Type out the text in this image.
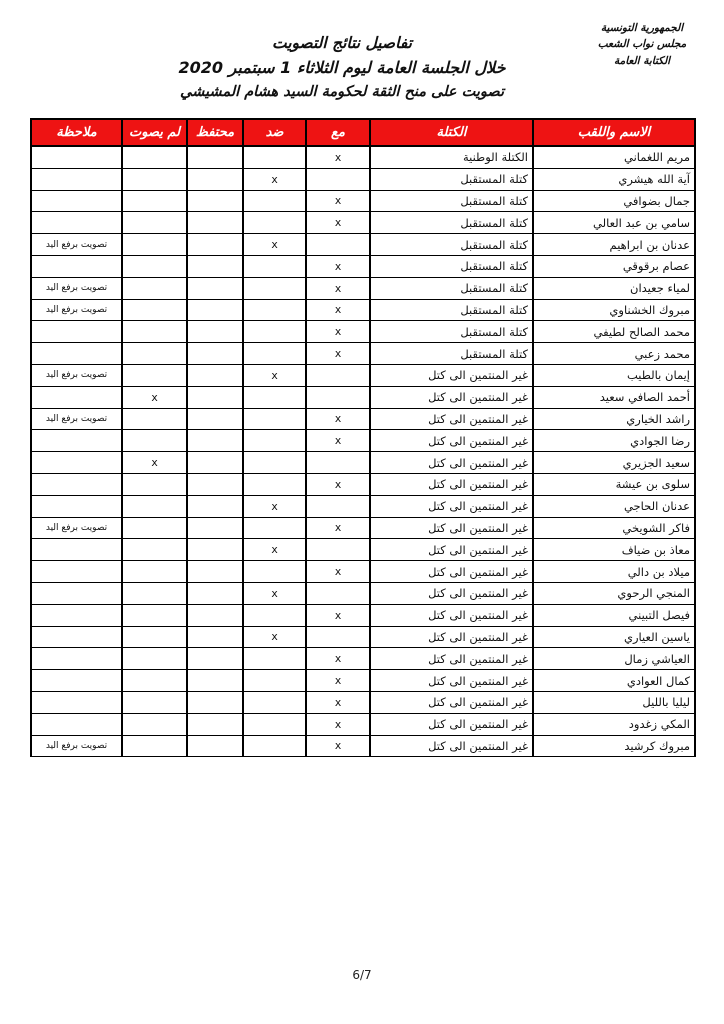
الجمهورية التونسية
مجلس نواب الشعب
الكتابة العامة
تفاصيل نتائج التصويت
خلال الجلسة العامة ليوم الثلاثاء 1 سبتمبر 2020
تصويت على منح الثقة لحكومة السيد هشام المشيشي
الاسم واللقب	الكتلة	مع	ضد	محتفظ	لم يصوت	ملاحظة
مريم اللغماني	الكتلة الوطنية	x				
آية الله هيشري	كتلة المستقبل		x			
جمال بضوافي	كتلة المستقبل	x				
سامي بن عبد العالي	كتلة المستقبل	x				
عدنان بن ابراهيم	كتلة المستقبل		x			تصويت برفع اليد
عصام برقوقي	كتلة المستقبل	x				
لمياء جعيدان	كتلة المستقبل	x				تصويت برفع اليد
مبروك الخشناوي	كتلة المستقبل	x				تصويت برفع اليد
محمد الصالح لطيفي	كتلة المستقبل	x				
محمد زعبي	كتلة المستقبل	x				
إيمان بالطيب	غير المنتمين الى كتل		x			تصويت برفع اليد
أحمد الصافي سعيد	غير المنتمين الى كتل				x	
راشد الخياري	غير المنتمين الى كتل	x				تصويت برفع اليد
رضا الجوادي	غير المنتمين الى كتل	x				
سعيد الجزيري	غير المنتمين الى كتل				x	
سلوى بن عيشة	غير المنتمين الى كتل	x				
عدنان الحاجي	غير المنتمين الى كتل		x			
فاكر الشويخي	غير المنتمين الى كتل	x				تصويت برفع اليد
معاذ بن ضياف	غير المنتمين الى كتل		x			
ميلاد بن دالي	غير المنتمين الى كتل	x				
المنجي الرحوي	غير المنتمين الى كتل		x			
فيصل التبيني	غير المنتمين الى كتل	x				
ياسين العياري	غير المنتمين الى كتل		x			
العياشي زمال	غير المنتمين الى كتل	x				
كمال العوادي	غير المنتمين الى كتل	x				
ليليا بالليل	غير المنتمين الى كتل	x				
المكي زغدود	غير المنتمين الى كتل	x				
مبروك كرشيد	غير المنتمين الى كتل	x				تصويت برفع اليد
6/7
